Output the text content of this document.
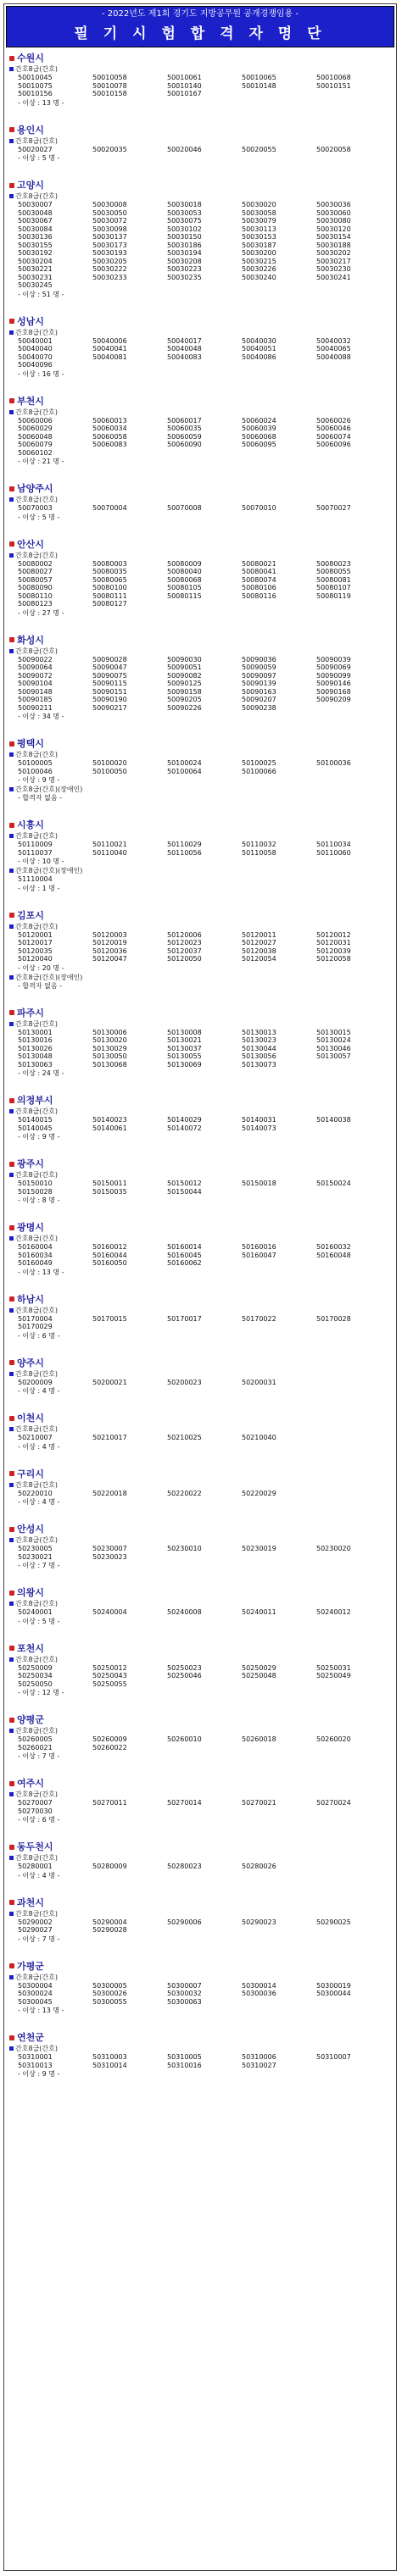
- 2022년도 제1회 경기도 지방공무원 공개경쟁임용 -
필 기 시 험 합 격 자 명 단
수원시
간호8급(간호)
50010045	50010058	50010061	50010065	50010068
50010075	50010078	50010140	50010148	50010151
50010156	50010158	50010167
- 이상 : 13 명 -
용인시
간호8급(간호)
50020027	50020035	50020046	50020055	50020058
- 이상 : 5 명 -
고양시
간호8급(간호)
50030007	50030008	50030018	50030020	50030036
50030048	50030050	50030053	50030058	50030060
50030067	50030072	50030075	50030079	50030080
50030084	50030098	50030102	50030113	50030120
50030136	50030137	50030150	50030153	50030154
50030155	50030173	50030186	50030187	50030188
50030192	50030193	50030194	50030200	50030202
50030204	50030205	50030208	50030215	50030217
50030221	50030222	50030223	50030226	50030230
50030231	50030233	50030235	50030240	50030241
50030245
- 이상 : 51 명 -
성남시
간호8급(간호)
50040001	50040006	50040017	50040030	50040032
50040040	50040041	50040048	50040051	50040065
50040070	50040081	50040083	50040086	50040088
50040096
- 이상 : 16 명 -
부천시
간호8급(간호)
50060006	50060013	50060017	50060024	50060026
50060029	50060034	50060035	50060039	50060046
50060048	50060058	50060059	50060068	50060074
50060079	50060083	50060090	50060095	50060096
50060102
- 이상 : 21 명 -
남양주시
간호8급(간호)
50070003	50070004	50070008	50070010	50070027
- 이상 : 5 명 -
안산시
간호8급(간호)
50080002	50080003	50080009	50080021	50080023
50080027	50080035	50080040	50080041	50080055
50080057	50080065	50080068	50080074	50080081
50080090	50080100	50080105	50080106	50080107
50080110	50080111	50080115	50080116	50080119
50080123	50080127
- 이상 : 27 명 -
화성시
간호8급(간호)
50090022	50090028	50090030	50090036	50090039
50090064	50090047	50090051	50090059	50090069
50090072	50090075	50090082	50090097	50090099
50090104	50090115	50090125	50090139	50090146
50090148	50090151	50090158	50090163	50090168
50090185	50090190	50090205	50090207	50090209
50090211	50090217	50090226	50090238
- 이상 : 34 명 -
평택시
간호8급(간호)
50100005	50100020	50100024	50100025	50100036
50100046	50100050	50100064	50100066
- 이상 : 9 명 -
간호8급(간호)(장애인)
- 합격자 없음 -
시흥시
간호8급(간호)
50110009	50110021	50110029	50110032	50110034
50110037	50110040	50110056	50110058	50110060
- 이상 : 10 명 -
간호8급(간호)(장애인)
51110004
- 이상 : 1 명 -
김포시
간호8급(간호)
50120001	50120003	50120006	50120011	50120012
50120017	50120019	50120023	50120027	50120031
50120035	50120036	50120037	50120038	50120039
50120040	50120047	50120050	50120054	50120058
- 이상 : 20 명 -
간호8급(간호)(장애인)
- 합격자 없음 -
파주시
간호8급(간호)
50130001	50130006	50130008	50130013	50130015
50130016	50130020	50130021	50130023	50130024
50130026	50130029	50130037	50130044	50130046
50130048	50130050	50130055	50130056	50130057
50130063	50130068	50130069	50130073
- 이상 : 24 명 -
의정부시
간호8급(간호)
50140015	50140023	50140029	50140031	50140038
50140045	50140061	50140072	50140073
- 이상 : 9 명 -
광주시
간호8급(간호)
50150010	50150011	50150012	50150018	50150024
50150028	50150035	50150044
- 이상 : 8 명 -
광명시
간호8급(간호)
50160004	50160012	50160014	50160016	50160032
50160034	50160044	50160045	50160047	50160048
50160049	50160050	50160062
- 이상 : 13 명 -
하남시
간호8급(간호)
50170004	50170015	50170017	50170022	50170028
50170029
- 이상 : 6 명 -
양주시
간호8급(간호)
50200009	50200021	50200023	50200031
- 이상 : 4 명 -
이천시
간호8급(간호)
50210007	50210017	50210025	50210040
- 이상 : 4 명 -
구리시
간호8급(간호)
50220010	50220018	50220022	50220029
- 이상 : 4 명 -
안성시
간호8급(간호)
50230005	50230007	50230010	50230019	50230020
50230021	50230023
- 이상 : 7 명 -
의왕시
간호8급(간호)
50240001	50240004	50240008	50240011	50240012
- 이상 : 5 명 -
포천시
간호8급(간호)
50250009	50250012	50250023	50250029	50250031
50250034	50250043	50250046	50250048	50250049
50250050	50250055
- 이상 : 12 명 -
양평군
간호8급(간호)
50260005	50260009	50260010	50260018	50260020
50260021	50260022
- 이상 : 7 명 -
여주시
간호8급(간호)
50270007	50270011	50270014	50270021	50270024
50270030
- 이상 : 6 명 -
동두천시
간호8급(간호)
50280001	50280009	50280023	50280026
- 이상 : 4 명 -
과천시
간호8급(간호)
50290002	50290004	50290006	50290023	50290025
50290027	50290028
- 이상 : 7 명 -
가평군
간호8급(간호)
50300004	50300005	50300007	50300014	50300019
50300024	50300026	50300032	50300036	50300044
50300045	50300055	50300063
- 이상 : 13 명 -
연천군
간호8급(간호)
50310001	50310003	50310005	50310006	50310007
50310013	50310014	50310016	50310027
- 이상 : 9 명 -
